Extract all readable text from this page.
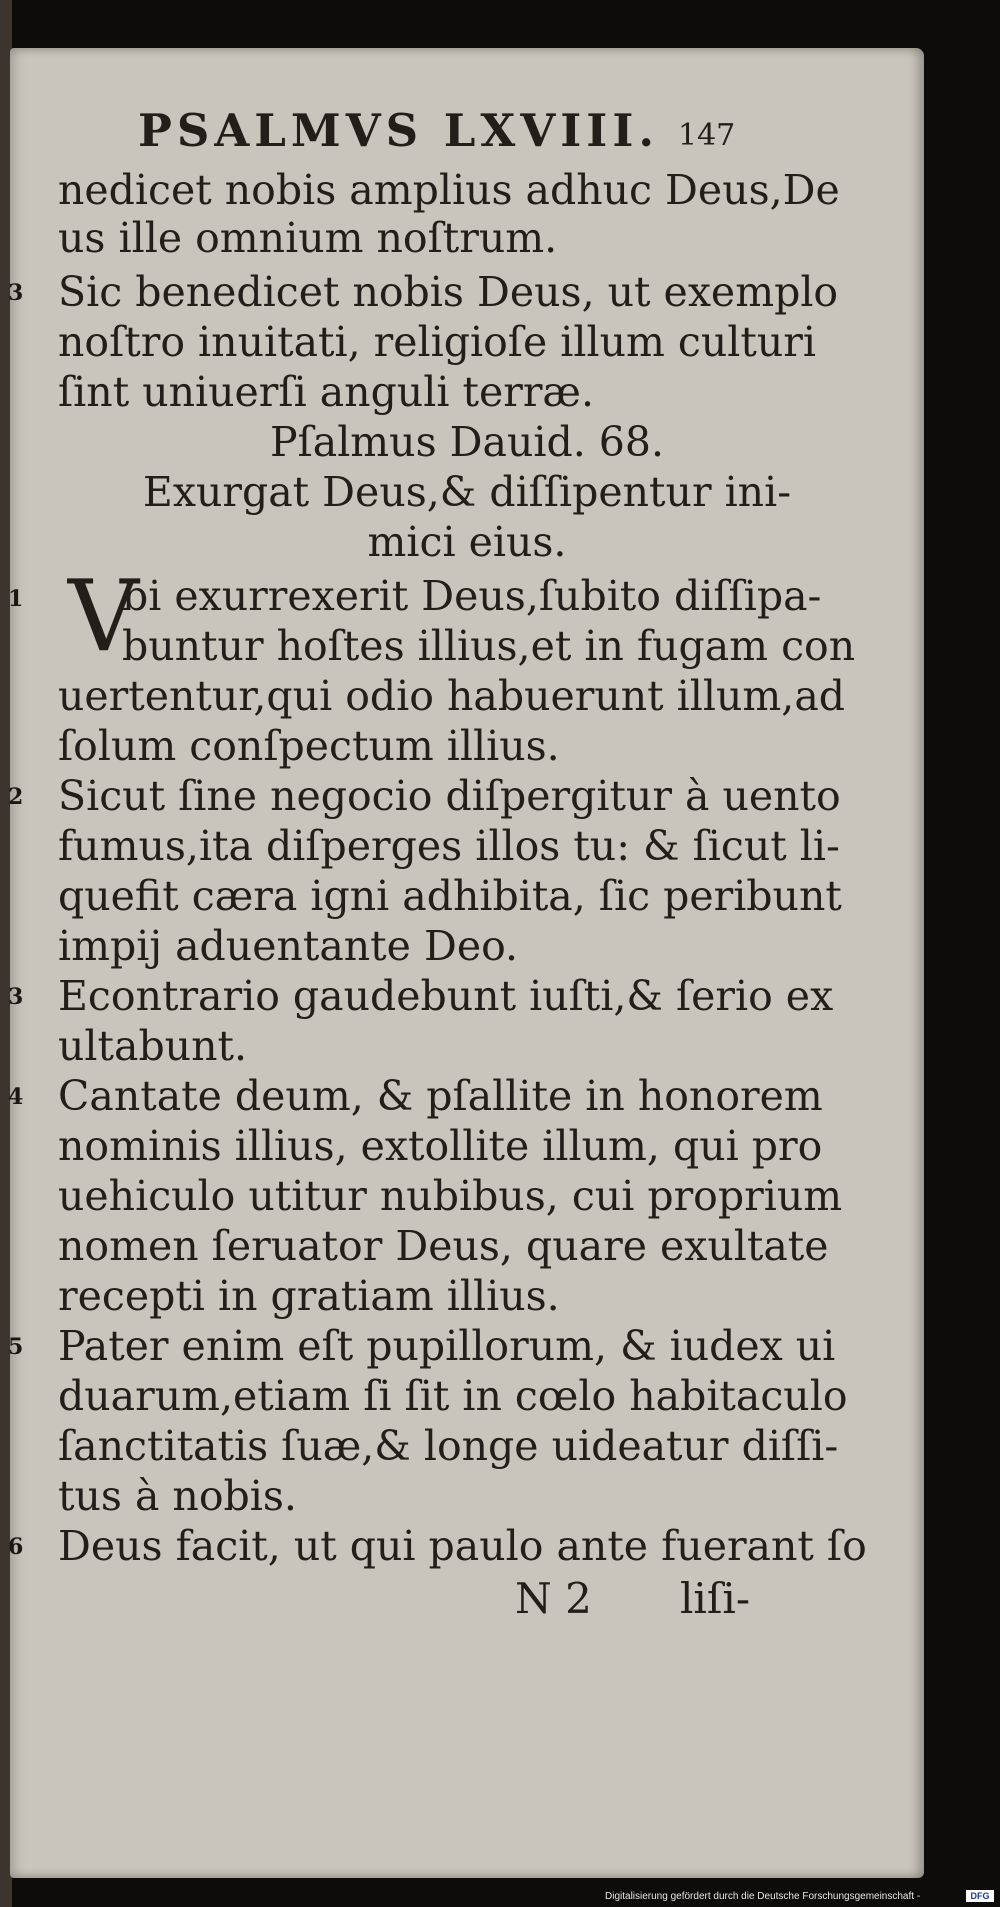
PSALMVS LXVIII. 147
nedicet nobis amplius adhuc Deus,De
us ille omnium noſtrum.
3 Sic benedicet nobis Deus, ut exemplo
noſtro inuitati, religioſe illum culturi
ſint uniuerſi anguli terræ.
Pſalmus Dauid. 68.
Exurgat Deus,& diſſipentur ini-
mici eius.
1 V
bi exurrexerit Deus,ſubito diſſipa-
buntur hoſtes illius,et in fugam con
uertentur,qui odio habuerunt illum,ad
ſolum conſpectum illius.
2 Sicut ſine negocio diſpergitur à uento
fumus,ita diſperges illos tu: & ſicut li-
quefit cæra igni adhibita, ſic peribunt
impij aduentante Deo.
3 Econtrario gaudebunt iuſti,& ſerio ex
ultabunt.
4 Cantate deum, & pſallite in honorem
nominis illius, extollite illum, qui pro
uehiculo utitur nubibus, cui proprium
nomen ſeruator Deus, quare exultate
recepti in gratiam illius.
5 Pater enim eſt pupillorum, & iudex ui
duarum,etiam ſi ſit in cœlo habitaculo
ſanctitatis ſuæ,& longe uideatur diſſi-
tus à nobis.
6 Deus facit, ut qui paulo ante fuerant ſo
N 2 liſi-
Digitalisierung gefördert durch die Deutsche Forschungsgemeinschaft -	DFG
